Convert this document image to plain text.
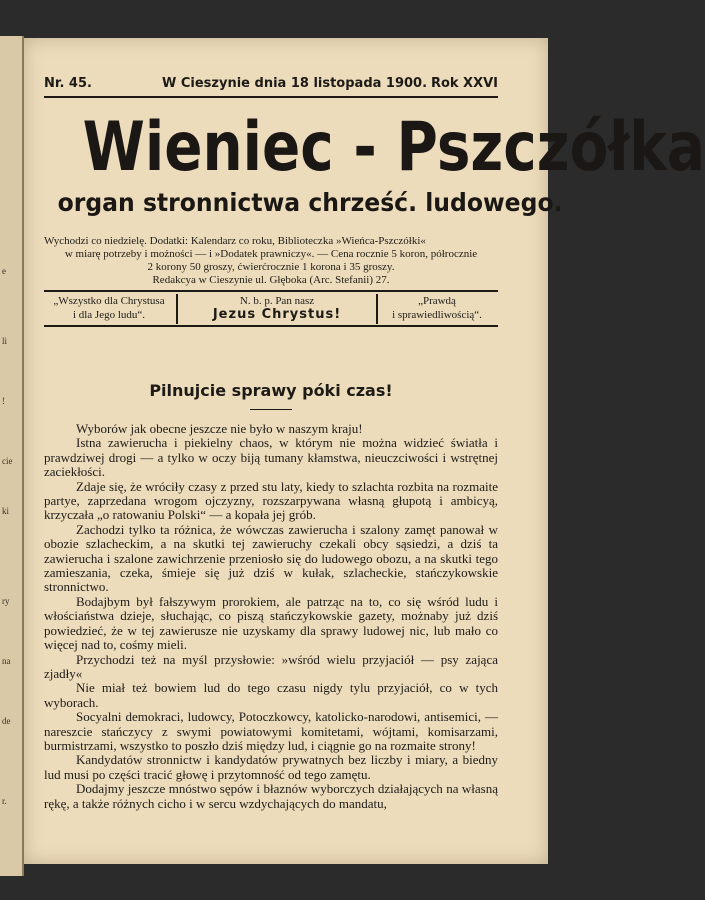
e
li
!
cie
ki
ry
na
de
r.
Nr. 45.	W Cieszynie dnia 18 listopada 1900. Rok XXVI
Wieniec - Pszczółka
organ stronnictwa chrześć. ludowego.

Wychodzi co niedzielę. Dodatki: Kalendarz co roku, Biblioteczka »Wieńca-Pszczółki«

w miarę potrzeby i możności — i »Dodatek prawniczy«. — Cena rocznie 5 koron, półrocznie

2 korony 50 groszy, ćwierćrocznie 1 korona i 35 groszy.

Redakcya w Cieszynie ul. Głęboka (Arc. Stefanii) 27.

„Wszystko dla Chrystusa
i dla Jego ludu“.
N. b. p. Pan nasz
Jezus Chrystus!
„Prawdą
i sprawiedliwością“.
Pilnujcie sprawy póki czas!

Wyborów jak obecne jeszcze nie było w naszym kraju!

Istna zawierucha i piekielny chaos, w którym nie można widzieć światła i prawdziwej drogi — a tylko w oczy biją tumany kłamstwa, nieuczciwości i wstrętnej zaciekłości.

Zdaje się, że wróciły czasy z przed stu laty, kiedy to szlachta rozbita na rozmaite partye, zaprzedana wrogom ojczyzny, rozszarpywana własną głupotą i ambicyą, krzyczała „o ratowaniu Polski“ — a kopała jej grób.

Zachodzi tylko ta różnica, że wówczas zawierucha i szalony zamęt panował w obozie szlacheckim, a na skutki tej zawieruchy czekali obcy sąsiedzi, a dziś ta zawierucha i szalone zawichrzenie przeniosło się do ludowego obozu, a na skutki tego zamieszania, czeka, śmieje się już dziś w kułak, szlacheckie, stańczykowskie stronnictwo.

Bodajbym był fałszywym prorokiem, ale patrząc na to, co się wśród ludu i włościaństwa dzieje, słuchając, co piszą stańczykowskie gazety, możnaby już dziś powiedzieć, że w tej zawierusze nie uzyskamy dla sprawy ludowej nic, lub mało co więcej nad to, cośmy mieli.

Przychodzi też na myśl przysłowie: »wśród wielu przyjaciół — psy zająca zjadły«

Nie miał też bowiem lud do tego czasu nigdy tylu przyjaciół, co w tych wyborach.

Socyalni demokraci, ludowcy, Potoczkowcy, katolicko-narodowi, antisemici, — nareszcie stańczycy z swymi powiatowymi komitetami, wójtami, komisarzami, burmistrzami, wszystko to poszło dziś między lud, i ciągnie go na rozmaite strony!

Kandydatów stronnictw i kandydatów prywatnych bez liczby i miary, a biedny lud musi po części tracić głowę i przytomność od tego zamętu.

Dodajmy jeszcze mnóstwo sępów i błaznów wyborczych działających na własną rękę, a także różnych cicho i w sercu wzdychających do mandatu,
